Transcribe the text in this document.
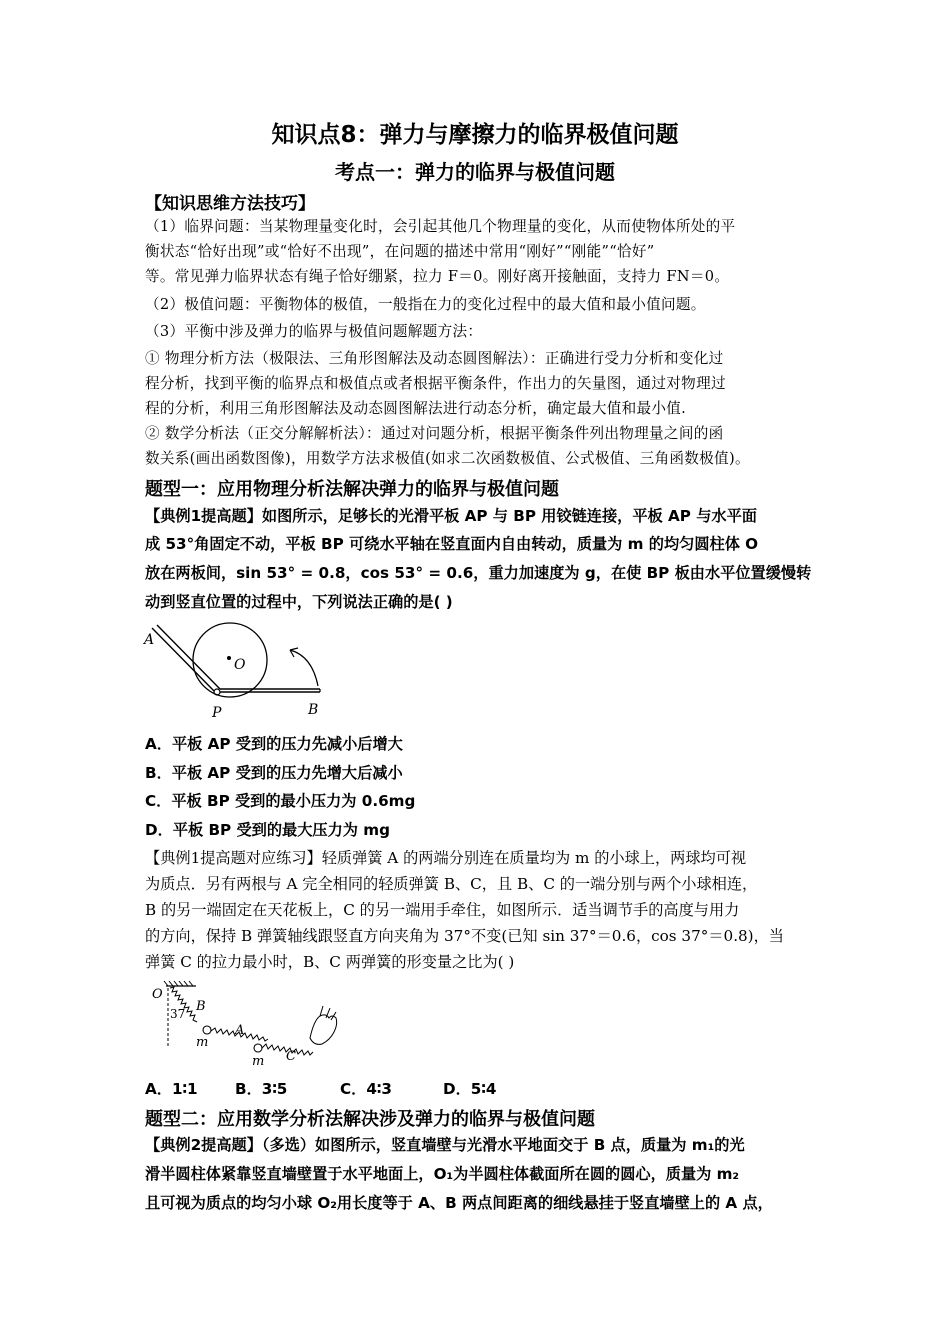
知识点8：弹力与摩擦力的临界极值问题
考点一：弹力的临界与极值问题
【知识思维方法技巧】
（1）临界问题：当某物理量变化时，会引起其他几个物理量的变化，从而使物体所处的平
衡状态“恰好出现”或“恰好不出现”，在问题的描述中常用“刚好”“刚能”“恰好”
等。常见弹力临界状态有绳子恰好绷紧，拉力 F＝0。刚好离开接触面，支持力 FN＝0。
（2）极值问题：平衡物体的极值，一般指在力的变化过程中的最大值和最小值问题。
（3）平衡中涉及弹力的临界与极值问题解题方法：
① 物理分析方法（极限法、三角形图解法及动态圆图解法）：正确进行受力分析和变化过
程分析，找到平衡的临界点和极值点或者根据平衡条件，作出力的矢量图，通过对物理过
程的分析，利用三角形图解法及动态圆图解法进行动态分析，确定最大值和最小值.
② 数学分析法（正交分解解析法）：通过对问题分析，根据平衡条件列出物理量之间的函
数关系(画出函数图像)，用数学方法求极值(如求二次函数极值、公式极值、三角函数极值)。
题型一：应用物理分析法解决弹力的临界与极值问题
【典例1提高题】如图所示，足够长的光滑平板 AP 与 BP 用铰链连接，平板 AP 与水平面
成 53°角固定不动，平板 BP 可绕水平轴在竖直面内自由转动，质量为 m 的均匀圆柱体 O
放在两板间，sin 53° = 0.8，cos 53° = 0.6，重力加速度为 g，在使 BP 板由水平位置缓慢转
动到竖直位置的过程中，下列说法正确的是( )
A
O
P	B
A．平板 AP 受到的压力先减小后增大
B．平板 AP 受到的压力先增大后减小
C．平板 BP 受到的最小压力为 0.6mg
D．平板 BP 受到的最大压力为 mg
【典例1提高题对应练习】轻质弹簧 A 的两端分别连在质量均为 m 的小球上，两球均可视
为质点．另有两根与 A 完全相同的轻质弹簧 B、C，且 B、C 的一端分别与两个小球相连，
B 的另一端固定在天花板上，C 的另一端用手牵住，如图所示．适当调节手的高度与用力
的方向，保持 B 弹簧轴线跟竖直方向夹角为 37°不变(已知 sin 37°＝0.6，cos 37°＝0.8)，当
弹簧 C 的拉力最小时，B、C 两弹簧的形变量之比为( )
O
B
37
A
m
m C
A．1∶1 B．3∶5	C．4∶3	D．5∶4
题型二：应用数学分析法解决涉及弹力的临界与极值问题
【典例2提高题】（多选）如图所示，竖直墙壁与光滑水平地面交于 B 点，质量为 m₁的光
滑半圆柱体紧靠竖直墙壁置于水平地面上，O₁为半圆柱体截面所在圆的圆心，质量为 m₂
且可视为质点的均匀小球 O₂用长度等于 A、B 两点间距离的细线悬挂于竖直墙壁上的 A 点，
